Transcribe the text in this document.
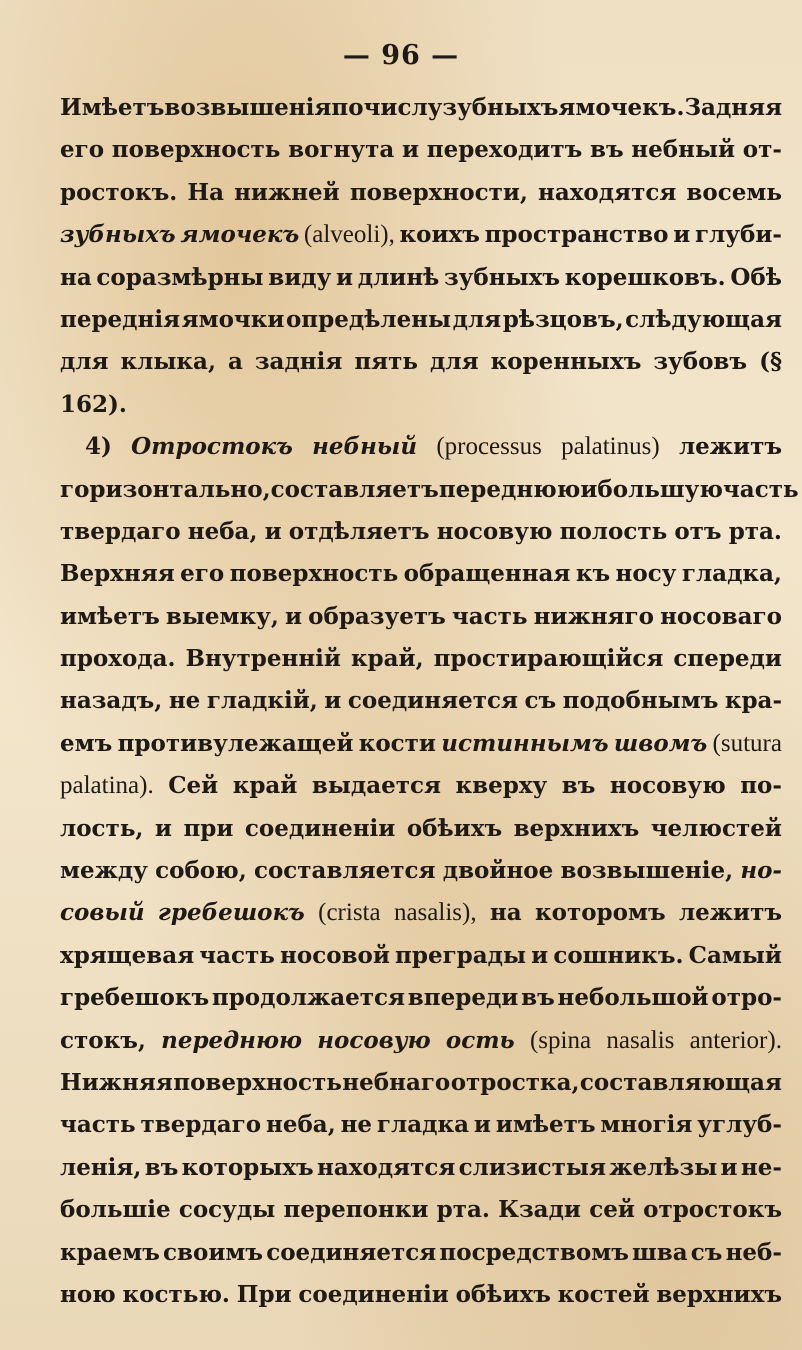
— 96 —
Имѣетъ возвышенія по числу зубныхъ ямочекъ. Задняя
его поверхность вогнута и переходитъ въ небный от-
ростокъ. На нижней поверхности, находятся восемь
зубныхъ ямочекъ (alveoli), коихъ пространство и глуби-
на соразмѣрны виду и длинѣ зубныхъ корешковъ. Обѣ
переднія ямочки опредѣлены для рѣзцовъ, слѣдующая
для клыка, а заднія пять для коренныхъ зубовъ (§
162).
4) Отростокъ небный (processus palatinus) лежитъ
горизонтально, составляетъ переднюю и большую часть
твердаго неба, и отдѣляетъ носовую полость отъ рта.
Верхняя его поверхность обращенная къ носу гладка,
имѣетъ выемку, и образуетъ часть нижняго носоваго
прохода. Внутренній край, простирающійся спереди
назадъ, не гладкій, и соединяется съ подобнымъ кра-
емъ противулежащей кости истиннымъ швомъ (sutura
palatina). Сей край выдается кверху въ носовую по-
лость, и при соединеніи обѣихъ верхнихъ челюстей
между собою, составляется двойное возвышеніе, но-
совый гребешокъ (crista nasalis), на которомъ лежитъ
хрящевая часть носовой преграды и сошникъ. Самый
гребешокъ продолжается впереди въ небольшой отро-
стокъ, переднюю носовую ость (spina nasalis anterior).
Нижняя поверхность небнаго отростка, составляющая
часть твердаго неба, не гладка и имѣетъ многія углуб-
ленія, въ которыхъ находятся слизистыя желѣзы и не-
большіе сосуды перепонки рта. Кзади сей отростокъ
краемъ своимъ соединяется посредствомъ шва съ неб-
ною костью. При соединеніи обѣихъ костей верхнихъ
